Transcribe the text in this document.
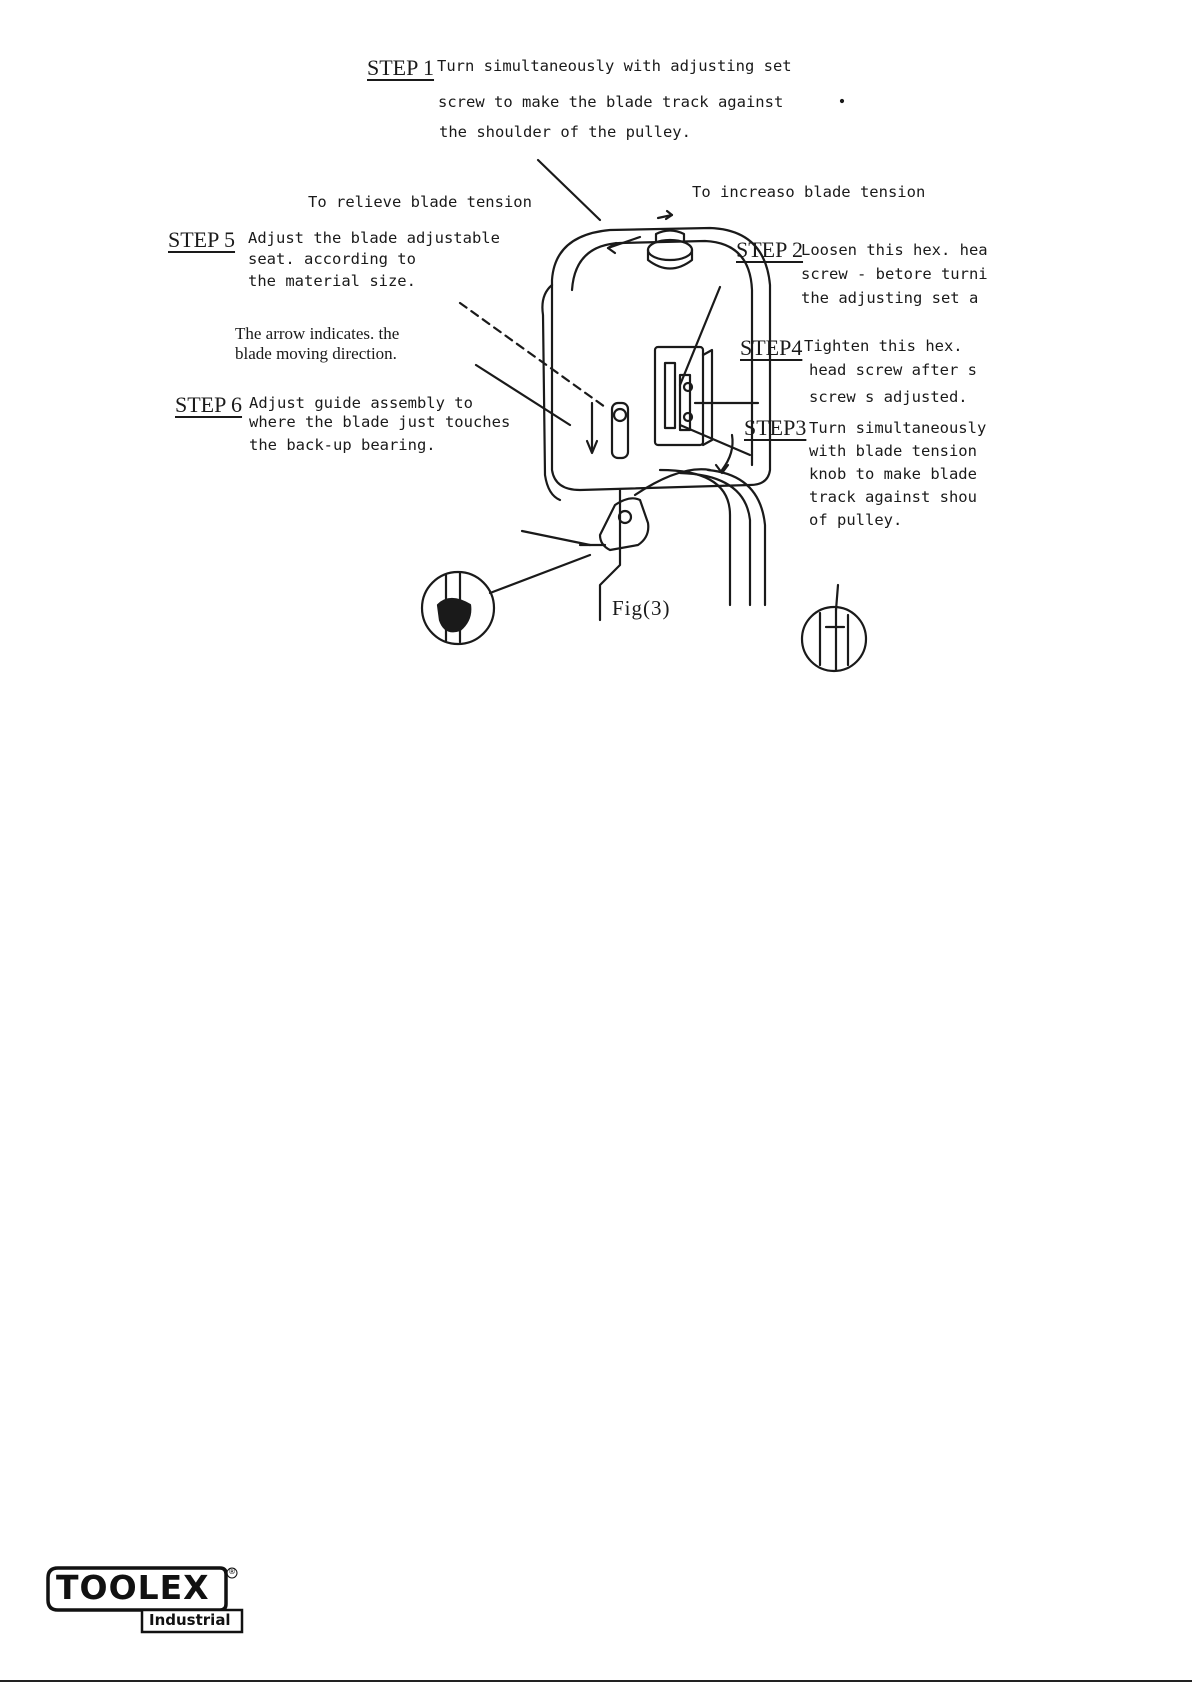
STEP 1 Turn simultaneously with adjusting set
screw to make the blade track against
the shoulder of the pulley.
To relieve blade tension
To increaso blade tension
STEP 5 Adjust the blade adjustable
seat. according to
the material size.
The arrow indicates. the
blade moving direction.
STEP 6 Adjust guide assembly to
where the blade just touches
the back-up bearing.
STEP 2
Loosen this hex. hea
screw - betore turni
the adjusting set a
STEP4 Tighten this hex.
head screw after s
screw s adjusted.
STEP3 Turn simultaneously
with blade tension
knob to make blade
track against shou
of pulley.
Fig(3)
TOOLEX
Industrial
®
